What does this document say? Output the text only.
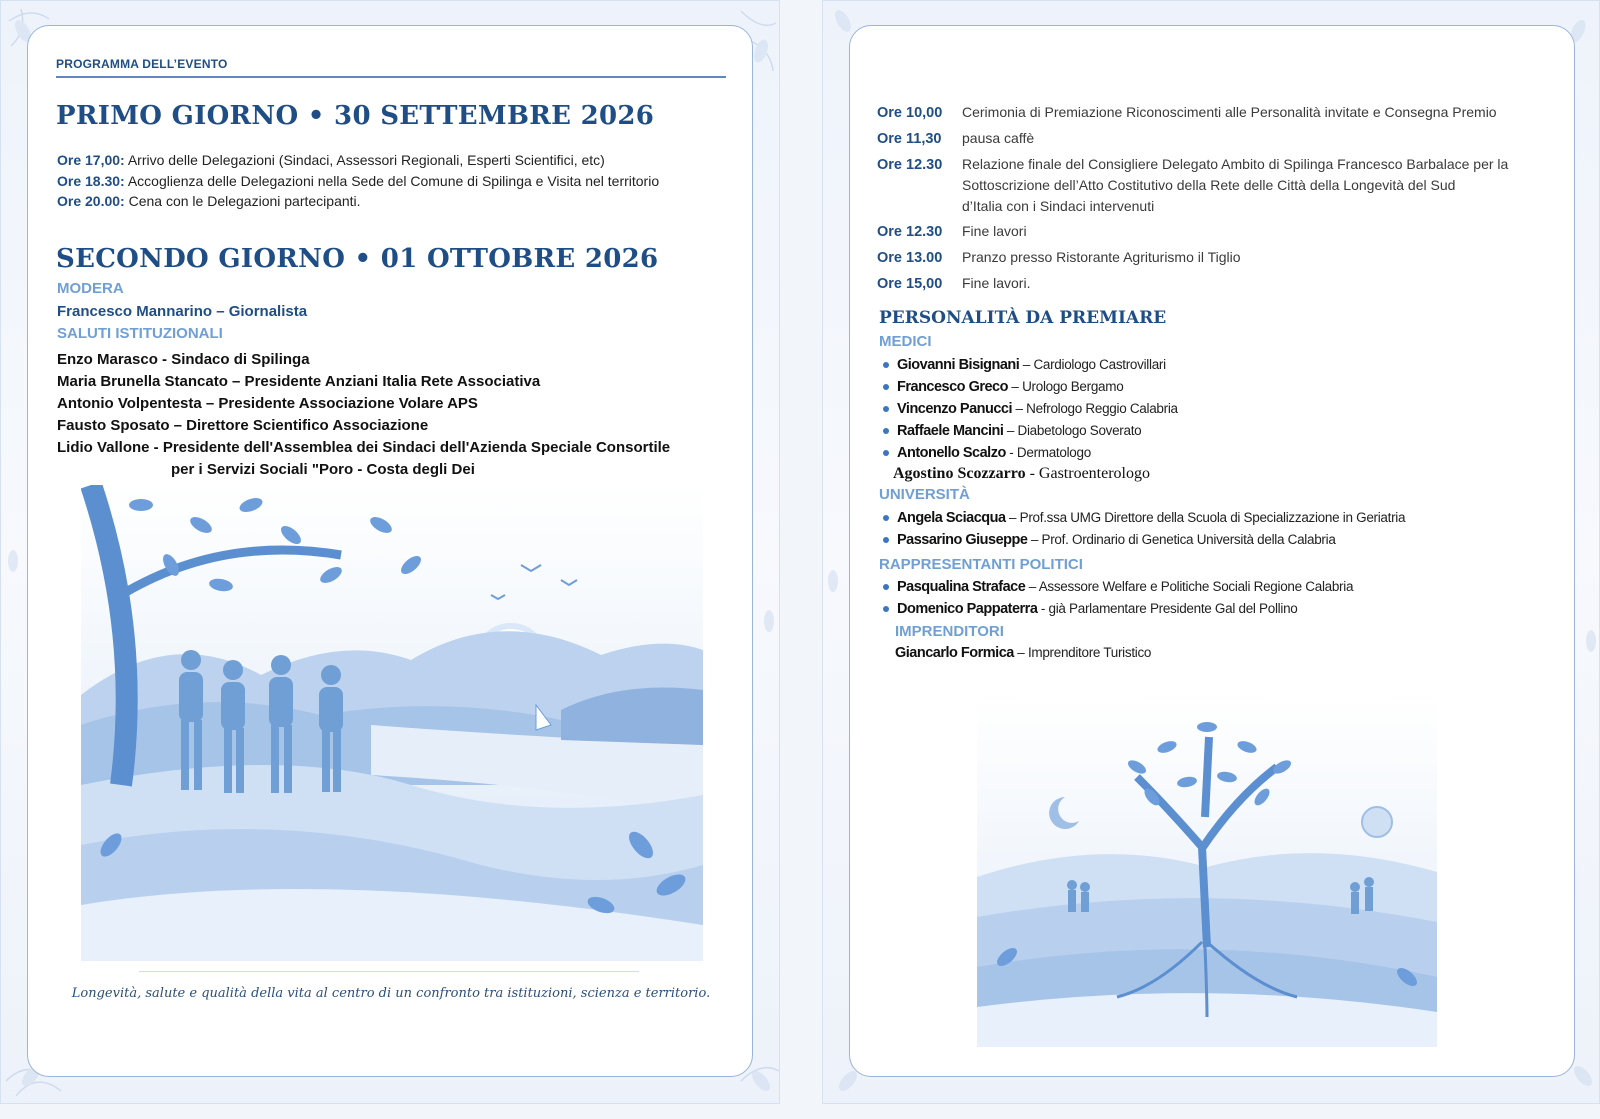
PROGRAMMA DELL’EVENTO
PRIMO GIORNO • 30 SETTEMBRE 2026
Ore 17,00: Arrivo delle Delegazioni (Sindaci, Assessori Regionali, Esperti Scientifici, etc)
Ore 18.30: Accoglienza delle Delegazioni nella Sede del Comune di Spilinga e Visita nel territorio
Ore 20.00: Cena con le Delegazioni partecipanti.
SECONDO GIORNO • 01 OTTOBRE 2026
MODERA
Francesco Mannarino – Giornalista
SALUTI ISTITUZIONALI
Enzo Marasco - Sindaco di Spilinga
Maria Brunella Stancato – Presidente Anziani Italia Rete Associativa
Antonio Volpentesta – Presidente Associazione Volare APS
Fausto Sposato – Direttore Scientifico Associazione
Lidio Vallone - Presidente dell'Assemblea dei Sindaci dell'Azienda Speciale Consortile
per i Servizi Sociali "Poro - Costa degli Dei
Longevità, salute e qualità della vita al centro di un confronto tra istituzioni, scienza e territorio.
Ore 10,00 Cerimonia di Premiazione Riconoscimenti alle Personalità invitate e Consegna Premio
Ore 11,30 pausa caffè
Ore 12.30 Relazione finale del Consigliere Delegato Ambito di Spilinga Francesco Barbalace per la
Sottoscrizione dell’Atto Costitutivo della Rete delle Città della Longevità del Sud
d’Italia con i Sindaci intervenuti
Ore 12.30 Fine lavori
Ore 13.00 Pranzo presso Ristorante Agriturismo il Tiglio
Ore 15,00 Fine lavori.
PERSONALITÀ DA PREMIARE
MEDICI
Giovanni Bisignani – Cardiologo Castrovillari
Francesco Greco – Urologo Bergamo
Vincenzo Panucci – Nefrologo Reggio Calabria
Raffaele Mancini – Diabetologo Soverato
Antonello Scalzo - Dermatologo
Agostino Scozzarro - Gastroenterologo
UNIVERSITÀ
Angela Sciacqua – Prof.ssa UMG Direttore della Scuola di Specializzazione in Geriatria
Passarino Giuseppe – Prof. Ordinario di Genetica Università della Calabria
RAPPRESENTANTI POLITICI
Pasqualina Straface – Assessore Welfare e Politiche Sociali Regione Calabria
Domenico Pappaterra - già Parlamentare Presidente Gal del Pollino
IMPRENDITORI
Giancarlo Formica – Imprenditore Turistico
